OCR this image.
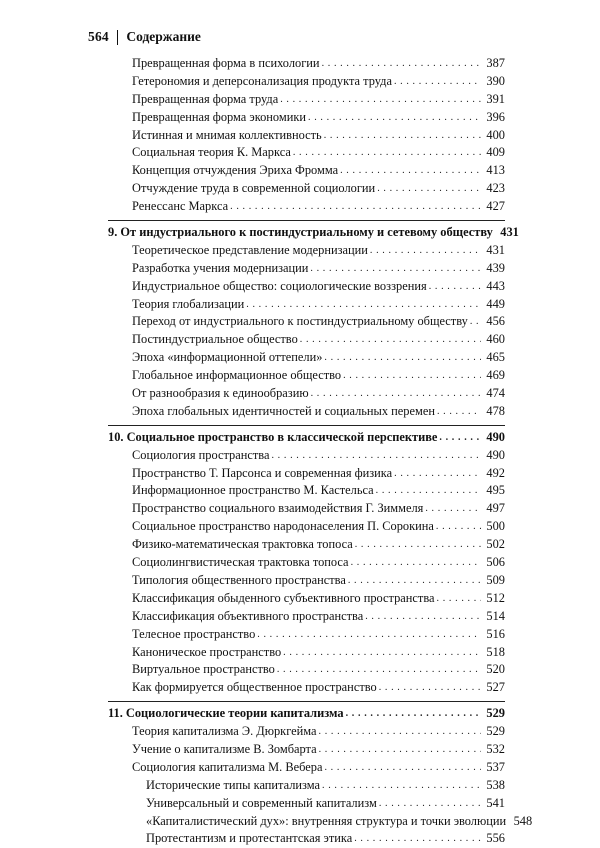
564 Содержание
Превращенная форма в психологии . . .	387
Гетерономия и деперсонализация продукта труда . . .	390
Превращенная форма труда . . .	391
Превращенная форма экономики . . .	396
Истинная и мнимая коллективность . . .	400
Социальная теория К. Маркса . . .	409
Концепция отчуждения Эриха Фромма . . .	413
Отчуждение труда в современной социологии . . .	423
Ренессанс Маркса . . .	427
9. От индустриального к постиндустриальному и сетевому обществу 431
Теоретическое представление модернизации . . .	431
Разработка учения модернизации . . .	439
Индустриальное общество: социологические воззрения . . .	443
Теория глобализации . . .	449
Переход от индустриального к постиндустриальному обществу . . . 456
Постиндустриальное общество . . .	460
Эпоха «информационной оттепели» . . .	465
Глобальное информационное общество . . .	469
От разнообразия к единообразию . . .	474
Эпоха глобальных идентичностей и социальных перемен . . .	478
10. Социальное пространство в классической перспективе . . .	490
Социология пространства . . .	490
Пространство Т. Парсонса и современная физика . . .	492
Информационное пространство М. Кастельса . . .	495
Пространство социального взаимодействия Г. Зиммеля . . .	497
Социальное пространство народонаселения П. Сорокина . . .	500
Физико-математическая трактовка топоса . . .	502
Социолингвистическая трактовка топоса . . .	506
Типология общественного пространства . . .	509
Классификация обыденного субъективного пространства . . .	512
Классификация объективного пространства . . .	514
Телесное пространство . . .	516
Каноническое пространство . . .	518
Виртуальное пространство . . .	520
Как формируется общественное пространство . . .	527
11. Социологические теории капитализма . . .	529
Теория капитализма Э. Дюркгейма . . .	529
Учение о капитализме В. Зомбарта . . .	532
Социология капитализма М. Вебера . . .	537
Исторические типы капитализма . . .	538
Универсальный и современный капитализм . . .	541
«Капиталистический дух»: внутренняя структура и точки эволюции 548
Протестантизм и протестантская этика . . .	556
